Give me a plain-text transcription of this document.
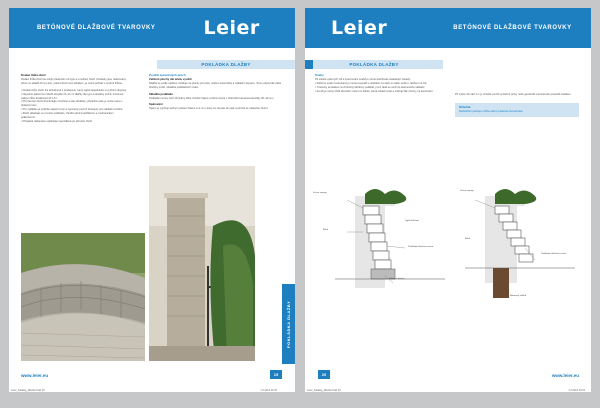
BETÓNOVÉ DLAŽBOVÉ TVAROVKY	Leier
POKLÁDKA DLAŽBY
Dodací lhůta zboží
Dodací lhůta zboží se odvíjí především od typu a množství zboží. Dodávky jsou realizovány přímo ze skladů firmy Leier; pokud zboží není skladem, je nutné počítat s výrobní lhůtou.
• Dodací lhůtu zboží lze dohodnout s prodejcem, který zajistí objednávku a vyřízení dopravy.
• Na jednu paletu lze naložit obvykle 10–14 m² dlažby dle typu a tloušťky prvků; hmotnost palety může dosáhnout až 1,5 t.
• Při převzetí zboží zkontrolujte množství a stav dodávky; případné vady je nutné uvést v dodacím listu.
• Pro vykládku je potřeba zajistit rovný a zpevněný povrch dostupný pro nákladní vozidlo.
• Zboží skladujte na rovném podkladu, chraňte před znečištěním a mechanickým poškozením.
• Případné reklamace uplatňujte neprodleně po převzetí zboží.
Použití zpevněných ploch
Zatížení plochy dle účelu využití
Dlažba se podle zatížení rozlišuje na plochy pro pěší, osobní automobily a nákladní dopravu. Tomu odpovídá volba tloušťky prvků i skladba podkladních vrstev.
Skladba podkladu
Podkladní vrstvy tvoří zhutněný štěrk vhodné frakce a ložná vrstva z drobného kameniva tloušťky 30–40 mm.
Spárování
Spáry se vyplňují suchým pískem frakce 0–2 mm, který se zamete do spár a plocha se následně zhutní.
POKLÁDKA DLAŽBY
www.leier.eu	19
Leier_Katalog_Dlazba.indd 19	1.3.2013 10:15
Leier	BETÓNOVÉ DLAŽBOVÉ TVAROVKY
POKLÁDKA DLAŽBY
Svahy
Při stavbě opěrných zdí a zpevňování svahů je nutné dodržovat následující zásady:
• Zatížení svahu tvarovkami je nutné posoudit s ohledem na sklon a výšku svahu i zatížení za zdí.
• Tvarovky se kladou na zhutněný štěrkový podklad, první řada se uloží do betonového základu.
• Za zdí je nutné zřídit drenážní vrstvu ze štěrku, která odvádí vodu a snižuje tlak zeminy na konstrukci.
Při výšce zdi nad 1 m je vhodné použít výztužné prvky nebo geotextilii a konstrukci posoudit statikem.
Důležité
Nedodržení postupu může vést k poškození konstrukce.
Vrstva zeminy
Výplň štěrkem
Štěrk
Podkladní štěrková vrstva
Základ z betonu
Vrstva zeminy
Štěrk
Podkladní štěrková vrstva
Betonový základ
20	www.leier.eu
Leier_Katalog_Dlazba.indd 20	1.3.2013 10:15
